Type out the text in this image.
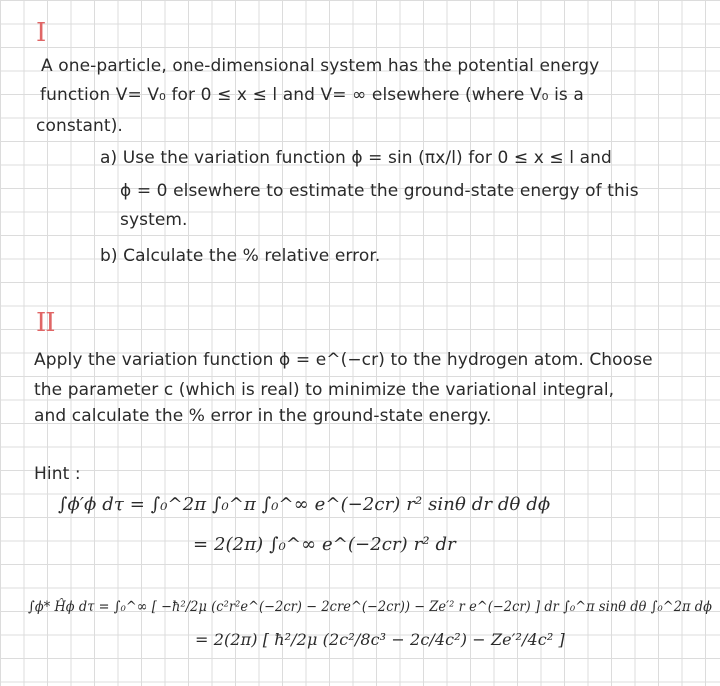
I
A one-particle, one-dimensional system has the potential energy
function V= V₀ for 0 ≤ x ≤ l and V= ∞ elsewhere (where V₀ is a
constant).
a) Use the variation function ϕ = sin (πx/l) for 0 ≤ x ≤ l and
ϕ = 0 elsewhere to estimate the ground-state energy of this
system.
b) Calculate the % relative error.
II
Apply the variation function ϕ = e^(−cr) to the hydrogen atom. Choose
the parameter c (which is real) to minimize the variational integral,
and calculate the % error in the ground-state energy.
Hint :
∫ϕ′ϕ dτ = ∫₀^2π ∫₀^π ∫₀^∞ e^(−2cr) r² sinθ dr dθ dϕ
= 2(2π) ∫₀^∞ e^(−2cr) r² dr
∫ϕ* Ĥϕ dτ = ∫₀^∞ [ −ħ²/2μ (c²r²e^(−2cr) − 2cre^(−2cr)) − Ze′² r e^(−2cr) ] dr ∫₀^π sinθ dθ ∫₀^2π dϕ
= 2(2π) [ ħ²/2μ (2c²/8c³ − 2c/4c²) − Ze′²/4c² ]
